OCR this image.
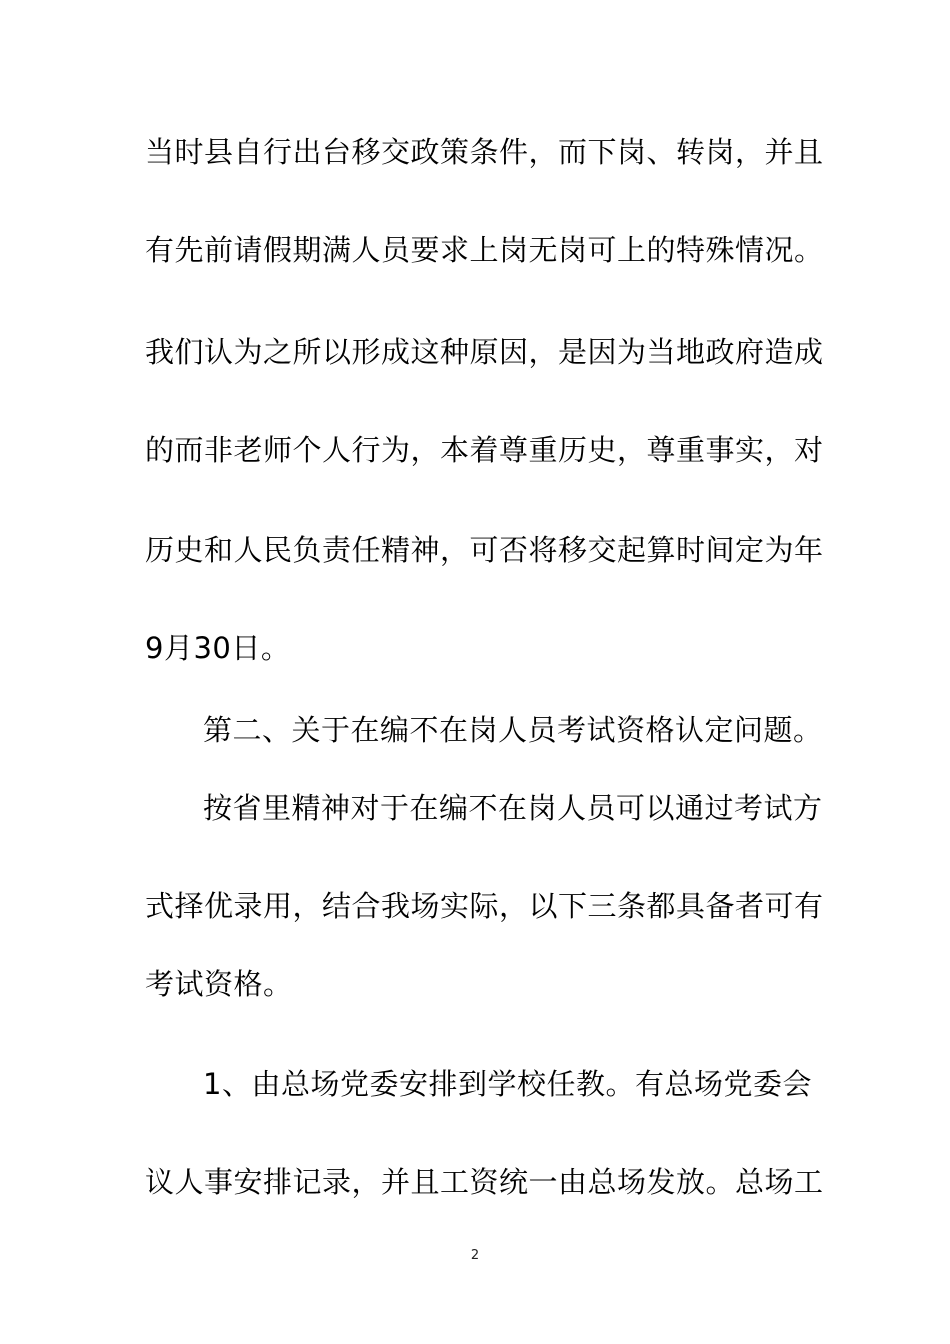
当时县自行出台移交政策条件，而下岗、转岗，并且
有先前请假期满人员要求上岗无岗可上的特殊情况。
我们认为之所以形成这种原因，是因为当地政府造成
的而非老师个人行为，本着尊重历史，尊重事实，对
历史和人民负责任精神，可否将移交起算时间定为年
9月30日。
第二、关于在编不在岗人员考试资格认定问题。
按省里精神对于在编不在岗人员可以通过考试方
式择优录用，结合我场实际，以下三条都具备者可有
考试资格。
1、由总场党委安排到学校任教。有总场党委会
议人事安排记录，并且工资统一由总场发放。总场工
2
